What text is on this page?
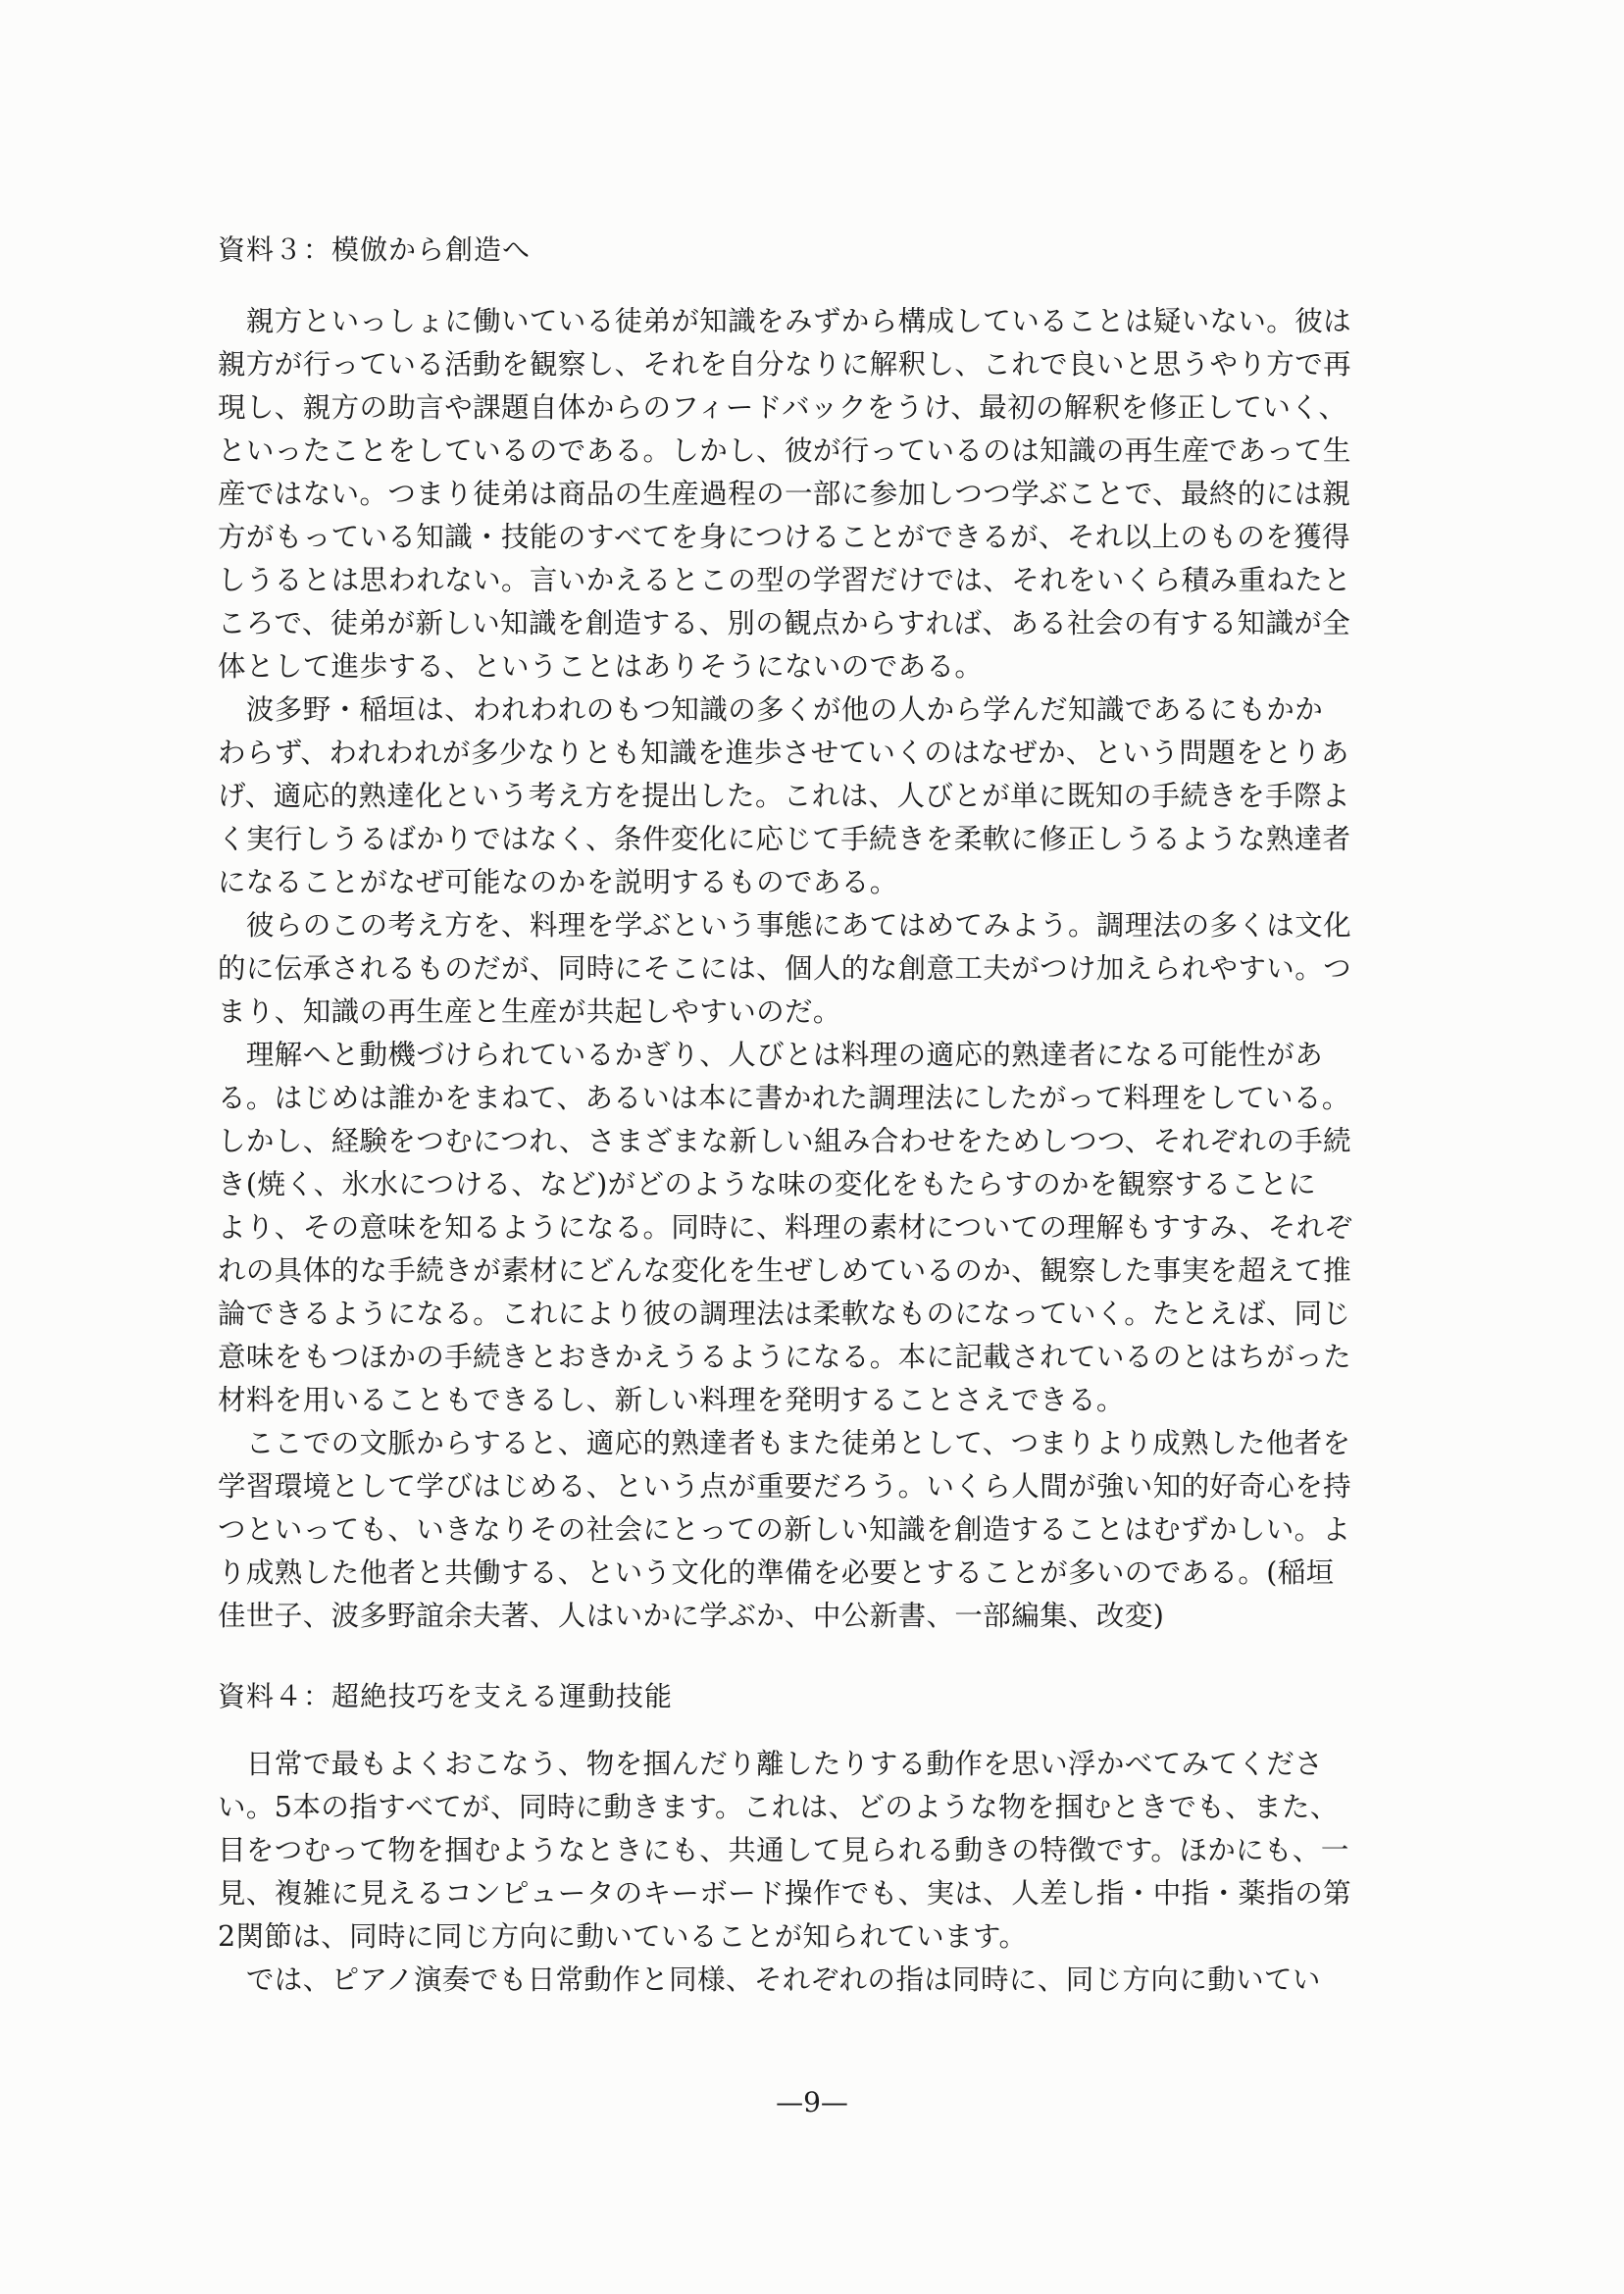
資料３：模倣から創造へ
　親方といっしょに働いている徒弟が知識をみずから構成していることは疑いない。彼は
親方が行っている活動を観察し、それを自分なりに解釈し、これで良いと思うやり方で再
現し、親方の助言や課題自体からのフィードバックをうけ、最初の解釈を修正していく、
といったことをしているのである。しかし、彼が行っているのは知識の再生産であって生
産ではない。つまり徒弟は商品の生産過程の一部に参加しつつ学ぶことで、最終的には親
方がもっている知識・技能のすべてを身につけることができるが、それ以上のものを獲得
しうるとは思われない。言いかえるとこの型の学習だけでは、それをいくら積み重ねたと
ころで、徒弟が新しい知識を創造する、別の観点からすれば、ある社会の有する知識が全
体として進歩する、ということはありそうにないのである。
　波多野・稲垣は、われわれのもつ知識の多くが他の人から学んだ知識であるにもかか
わらず、われわれが多少なりとも知識を進歩させていくのはなぜか、という問題をとりあ
げ、適応的熟達化という考え方を提出した。これは、人びとが単に既知の手続きを手際よ
く実行しうるばかりではなく、条件変化に応じて手続きを柔軟に修正しうるような熟達者
になることがなぜ可能なのかを説明するものである。
　彼らのこの考え方を、料理を学ぶという事態にあてはめてみよう。調理法の多くは文化
的に伝承されるものだが、同時にそこには、個人的な創意工夫がつけ加えられやすい。つ
まり、知識の再生産と生産が共起しやすいのだ。
　理解へと動機づけられているかぎり、人びとは料理の適応的熟達者になる可能性があ
る。はじめは誰かをまねて、あるいは本に書かれた調理法にしたがって料理をしている。
しかし、経験をつむにつれ、さまざまな新しい組み合わせをためしつつ、それぞれの手続
き(焼く、氷水につける、など)がどのような味の変化をもたらすのかを観察することに
より、その意味を知るようになる。同時に、料理の素材についての理解もすすみ、それぞ
れの具体的な手続きが素材にどんな変化を生ぜしめているのか、観察した事実を超えて推
論できるようになる。これにより彼の調理法は柔軟なものになっていく。たとえば、同じ
意味をもつほかの手続きとおきかえうるようになる。本に記載されているのとはちがった
材料を用いることもできるし、新しい料理を発明することさえできる。
　ここでの文脈からすると、適応的熟達者もまた徒弟として、つまりより成熟した他者を
学習環境として学びはじめる、という点が重要だろう。いくら人間が強い知的好奇心を持
つといっても、いきなりその社会にとっての新しい知識を創造することはむずかしい。よ
り成熟した他者と共働する、という文化的準備を必要とすることが多いのである。(稲垣
佳世子、波多野誼余夫著、人はいかに学ぶか、中公新書、一部編集、改変)
資料４：超絶技巧を支える運動技能
　日常で最もよくおこなう、物を掴んだり離したりする動作を思い浮かべてみてくださ
い。5本の指すべてが、同時に動きます。これは、どのような物を掴むときでも、また、
目をつむって物を掴むようなときにも、共通して見られる動きの特徴です。ほかにも、一
見、複雑に見えるコンピュータのキーボード操作でも、実は、人差し指・中指・薬指の第
2関節は、同時に同じ方向に動いていることが知られています。
　では、ピアノ演奏でも日常動作と同様、それぞれの指は同時に、同じ方向に動いてい
—9—
